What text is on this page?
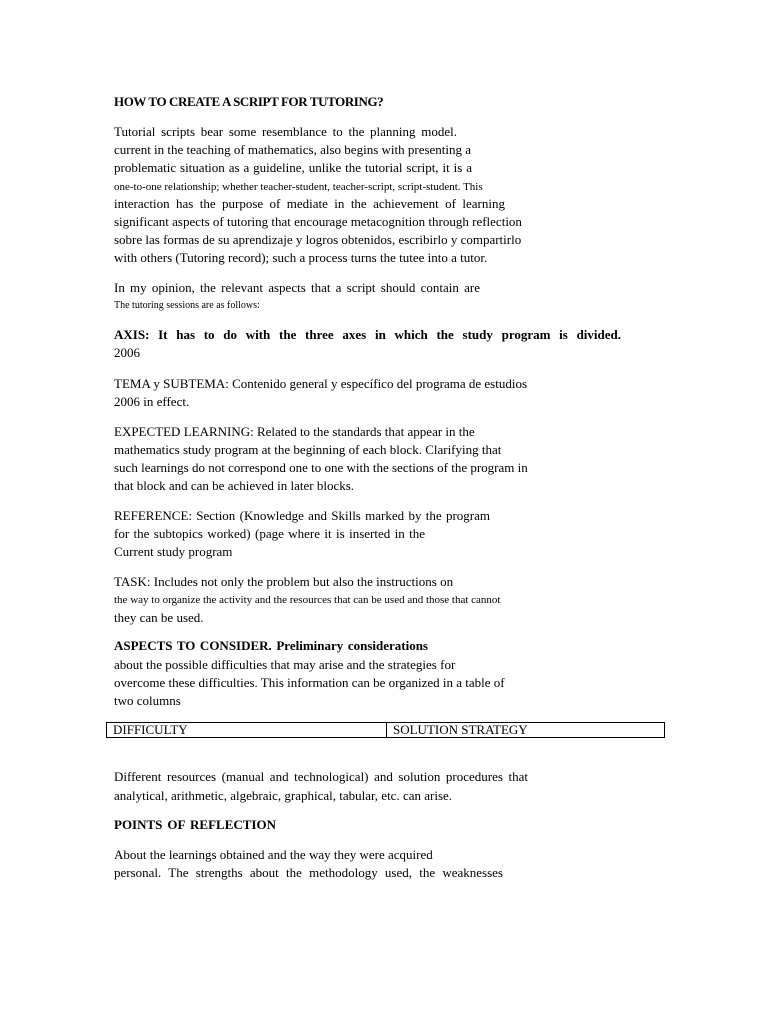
HOW TO CREATE A SCRIPT FOR TUTORING?
Tutorial scripts bear some resemblance to the planning model.
current in the teaching of mathematics, also begins with presenting a
problematic situation as a guideline, unlike the tutorial script, it is a
one-to-one relationship; whether teacher-student, teacher-script, script-student. This
interaction has the purpose of mediate in the achievement of learning
significant aspects of tutoring that encourage metacognition through reflection
sobre las formas de su aprendizaje y logros obtenidos, escribirlo y compartirlo
with others (Tutoring record); such a process turns the tutee into a tutor.
In my opinion, the relevant aspects that a script should contain are
The tutoring sessions are as follows:
AXIS: It has to do with the three axes in which the study program is divided.
2006
TEMA y SUBTEMA: Contenido general y específico del programa de estudios
2006 in effect.
EXPECTED LEARNING: Related to the standards that appear in the
mathematics study program at the beginning of each block. Clarifying that
such learnings do not correspond one to one with the sections of the program in
that block and can be achieved in later blocks.
REFERENCE: Section (Knowledge and Skills marked by the program
for the subtopics worked) (page where it is inserted in the
Current study program
TASK: Includes not only the problem but also the instructions on
the way to organize the activity and the resources that can be used and those that cannot
they can be used.
ASPECTS TO CONSIDER. Preliminary considerations
about the possible difficulties that may arise and the strategies for
overcome these difficulties. This information can be organized in a table of
two columns
DIFFICULTY	SOLUTION STRATEGY
Different resources (manual and technological) and solution procedures that
analytical, arithmetic, algebraic, graphical, tabular, etc. can arise.
POINTS OF REFLECTION
About the learnings obtained and the way they were acquired
personal. The strengths about the methodology used, the weaknesses
